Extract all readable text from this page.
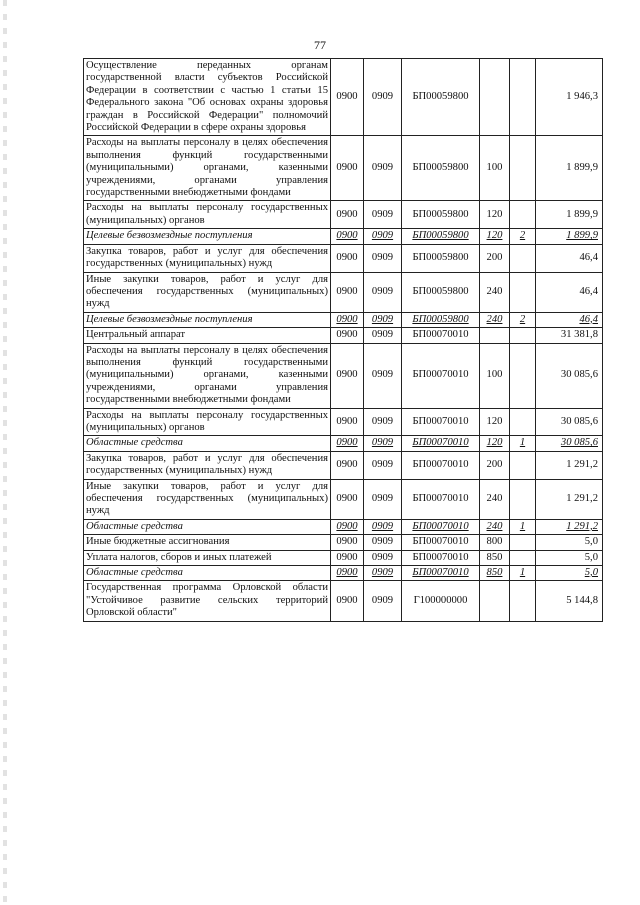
77
Осуществление переданных органам государственной власти субъектов Российской Федерации в соответствии с частью 1 статьи 15 Федерального закона "Об основах охраны здоровья граждан в Российской Федерации" полномочий Российской Федерации в сфере охраны здоровья	0900	0909	БП00059800			1 946,3
Расходы на выплаты персоналу в целях обеспечения выполнения функций государственными (муниципальными) органами, казенными учреждениями, органами управления государственными внебюджетными фондами	0900	0909	БП00059800	100		1 899,9
Расходы на выплаты персоналу государственных (муниципальных) органов	0900	0909	БП00059800	120		1 899,9
Целевые безвозмездные поступления	0900	0909	БП00059800	120	2	1 899,9
Закупка товаров, работ и услуг для обеспечения государственных (муниципальных) нужд	0900	0909	БП00059800	200		46,4
Иные закупки товаров, работ и услуг для обеспечения государственных (муниципальных) нужд	0900	0909	БП00059800	240		46,4
Целевые безвозмездные поступления	0900	0909	БП00059800	240	2	46,4
Центральный аппарат	0900	0909	БП00070010			31 381,8
Расходы на выплаты персоналу в целях обеспечения выполнения функций государственными (муниципальными) органами, казенными учреждениями, органами управления государственными внебюджетными фондами	0900	0909	БП00070010	100		30 085,6
Расходы на выплаты персоналу государственных (муниципальных) органов	0900	0909	БП00070010	120		30 085,6
Областные средства	0900	0909	БП00070010	120	1	30 085,6
Закупка товаров, работ и услуг для обеспечения государственных (муниципальных) нужд	0900	0909	БП00070010	200		1 291,2
Иные закупки товаров, работ и услуг для обеспечения государственных (муниципальных) нужд	0900	0909	БП00070010	240		1 291,2
Областные средства	0900	0909	БП00070010	240	1	1 291,2
Иные бюджетные ассигнования	0900	0909	БП00070010	800		5,0
Уплата налогов, сборов и иных платежей	0900	0909	БП00070010	850		5,0
Областные средства	0900	0909	БП00070010	850	1	5,0
Государственная программа Орловской области "Устойчивое развитие сельских территорий Орловской области"	0900	0909	Г100000000			5 144,8
